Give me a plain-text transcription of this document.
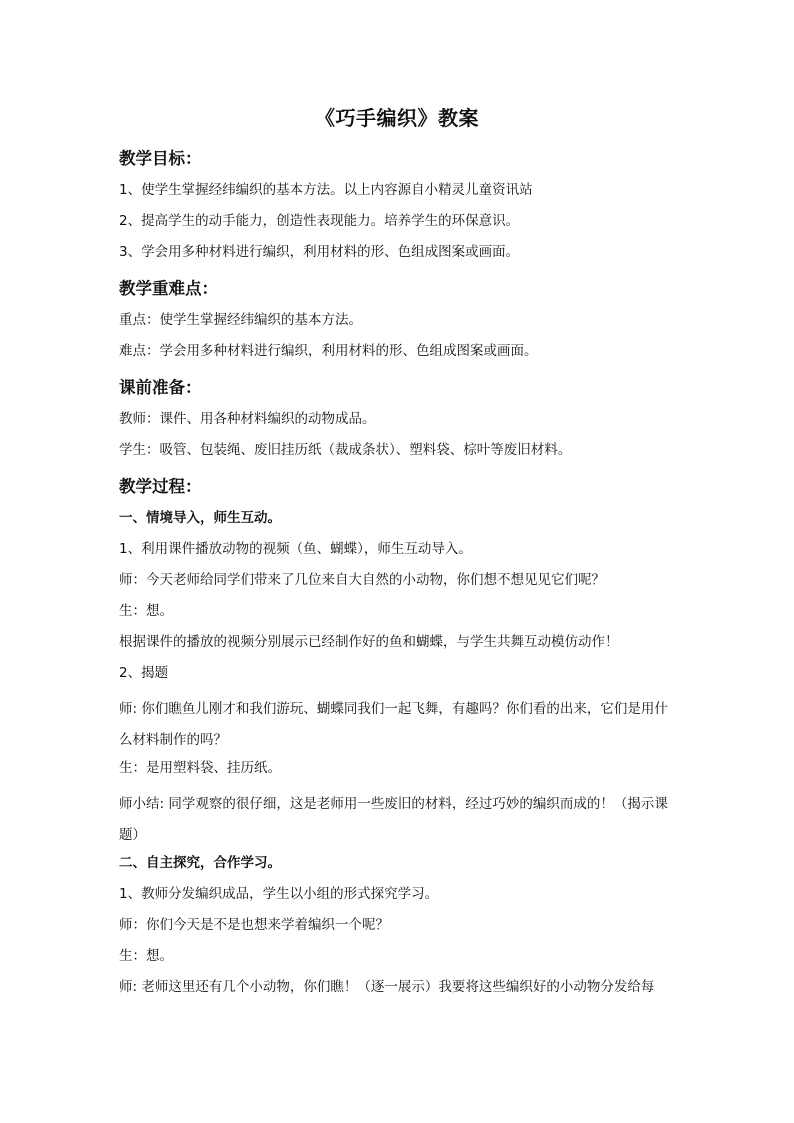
《巧手编织》教案
教学目标：
1、使学生掌握经纬编织的基本方法。以上内容源自小精灵儿童资讯站
2、提高学生的动手能力，创造性表现能力。培养学生的环保意识。
3、学会用多种材料进行编织，利用材料的形、色组成图案或画面。
教学重难点：
重点：使学生掌握经纬编织的基本方法。
难点：学会用多种材料进行编织，利用材料的形、色组成图案或画面。
课前准备：
教师：课件、用各种材料编织的动物成品。
学生：吸管、包装绳、废旧挂历纸（裁成条状）、塑料袋、棕叶等废旧材料。
教学过程：
一、情境导入，师生互动。
1、利用课件播放动物的视频（鱼、蝴蝶），师生互动导入。
师：今天老师给同学们带来了几位来自大自然的小动物，你们想不想见见它们呢？
生：想。
根据课件的播放的视频分别展示已经制作好的鱼和蝴蝶，与学生共舞互动模仿动作！
2、揭题
师: 你们瞧鱼儿刚才和我们游玩、蝴蝶同我们一起飞舞，有趣吗？你们看的出来，它们是用什么材料制作的吗？
生：是用塑料袋、挂历纸。
师小结: 同学观察的很仔细，这是老师用一些废旧的材料，经过巧妙的编织而成的！（揭示课题）
二、自主探究，合作学习。
1、教师分发编织成品，学生以小组的形式探究学习。
师：你们今天是不是也想来学着编织一个呢？
生：想。
师: 老师这里还有几个小动物，你们瞧！（逐一展示）我要将这些编织好的小动物分发给每
